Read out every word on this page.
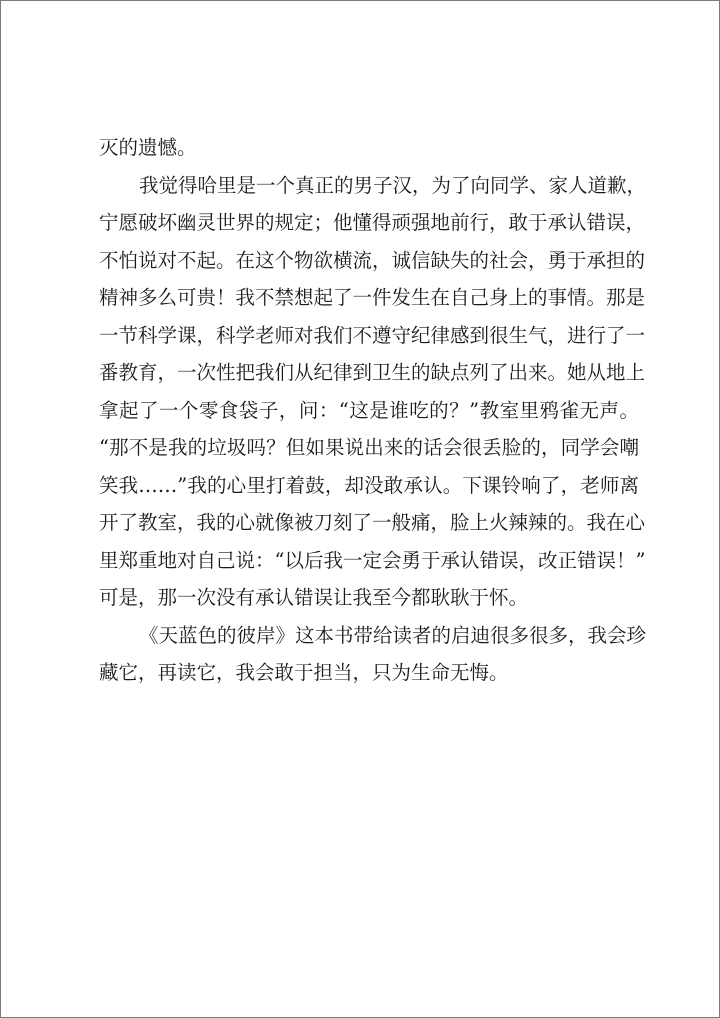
灭的遗憾。
我觉得哈里是一个真正的男子汉，为了向同学、家人道歉，
宁愿破坏幽灵世界的规定；他懂得顽强地前行，敢于承认错误，
不怕说对不起。在这个物欲横流，诚信缺失的社会，勇于承担的
精神多么可贵！我不禁想起了一件发生在自己身上的事情。那是
一节科学课，科学老师对我们不遵守纪律感到很生气，进行了一
番教育，一次性把我们从纪律到卫生的缺点列了出来。她从地上
拿起了一个零食袋子，问：“这是谁吃的？”教室里鸦雀无声。
“那不是我的垃圾吗？但如果说出来的话会很丢脸的，同学会嘲
笑我……”我的心里打着鼓，却没敢承认。下课铃响了，老师离
开了教室，我的心就像被刀刻了一般痛，脸上火辣辣的。我在心
里郑重地对自己说：“以后我一定会勇于承认错误，改正错误！”
可是，那一次没有承认错误让我至今都耿耿于怀。
《天蓝色的彼岸》这本书带给读者的启迪很多很多，我会珍
藏它，再读它，我会敢于担当，只为生命无悔。
